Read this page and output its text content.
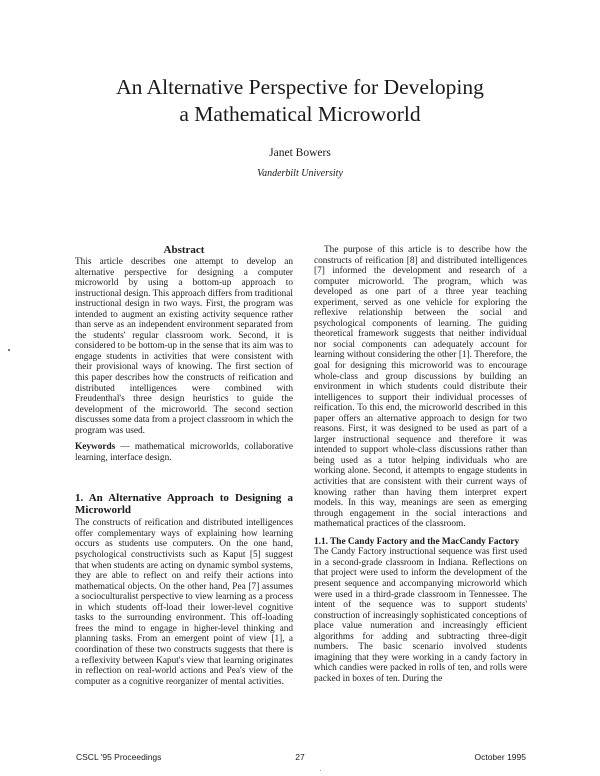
An Alternative Perspective for Developing
a Mathematical Microworld
Janet Bowers
Vanderbilt University
Abstract

This article describes one attempt to develop an alternative perspective for designing a computer microworld by using a bottom-up approach to instructional design. This approach differs from traditional instructional design in two ways. First, the program was intended to augment an existing activity sequence rather than serve as an independent environment separated from the students' regular classroom work. Second, it is considered to be bottom-up in the sense that its aim was to engage students in activities that were consistent with their provisional ways of knowing. The first section of this paper describes how the constructs of reification and distributed intelligences were combined with Freudenthal's three design heuristics to guide the development of the microworld. The second section discusses some data from a project classroom in which the program was used.

Keywords — mathematical microworlds, collaborative learning, interface design.

1. An Alternative Approach to Designing a Microworld

The constructs of reification and distributed intelligences offer complementary ways of explaining how learning occurs as students use computers. On the one hand, psychological constructivists such as Kaput [5] suggest that when students are acting on dynamic symbol systems, they are able to reflect on and reify their actions into mathematical objects. On the other hand, Pea [7] assumes a socioculturalist perspective to view learning as a process in which students off-load their lower-level cognitive tasks to the surrounding environment. This off-loading frees the mind to engage in higher-level thinking and planning tasks. From an emergent point of view [1], a coordination of these two constructs suggests that there is a reflexivity between Kaput's view that learning originates in reflection on real-world actions and Pea's view of the computer as a cognitive reorganizer of mental activities.

The purpose of this article is to describe how the constructs of reification [8] and distributed intelligences [7] informed the development and research of a computer microworld. The program, which was developed as one part of a three year teaching experiment, served as one vehicle for exploring the reflexive relationship between the social and psychological components of learning. The guiding theoretical framework suggests that neither individual nor social components can adequately account for learning without considering the other [1]. Therefore, the goal for designing this microworld was to encourage whole-class and group discussions by building an environment in which students could distribute their intelligences to support their individual processes of reification. To this end, the microworld described in this paper offers an alternative approach to design for two reasons. First, it was designed to be used as part of a larger instructional sequence and therefore it was intended to support whole-class discussions rather than being used as a tutor helping individuals who are working alone. Second, it attempts to engage students in activities that are consistent with their current ways of knowing rather than having them interpret expert models. In this way, meanings are seen as emerging through engagement in the social interactions and mathematical practices of the classroom.

1.1. The Candy Factory and the MacCandy Factory

The Candy Factory instructional sequence was first used in a second-grade classroom in Indiana. Reflections on that project were used to inform the development of the present sequence and accompanying microworld which were used in a third-grade classroom in Tennessee. The intent of the sequence was to support students' construction of increasingly sophisticated conceptions of place value numeration and increasingly efficient algorithms for adding and subtracting three-digit numbers. The basic scenario involved students imagining that they were working in a candy factory in which candies were packed in rolls of ten, and rolls were packed in boxes of ten. During the

CSCL '95 Proceedings	27	October 1995
